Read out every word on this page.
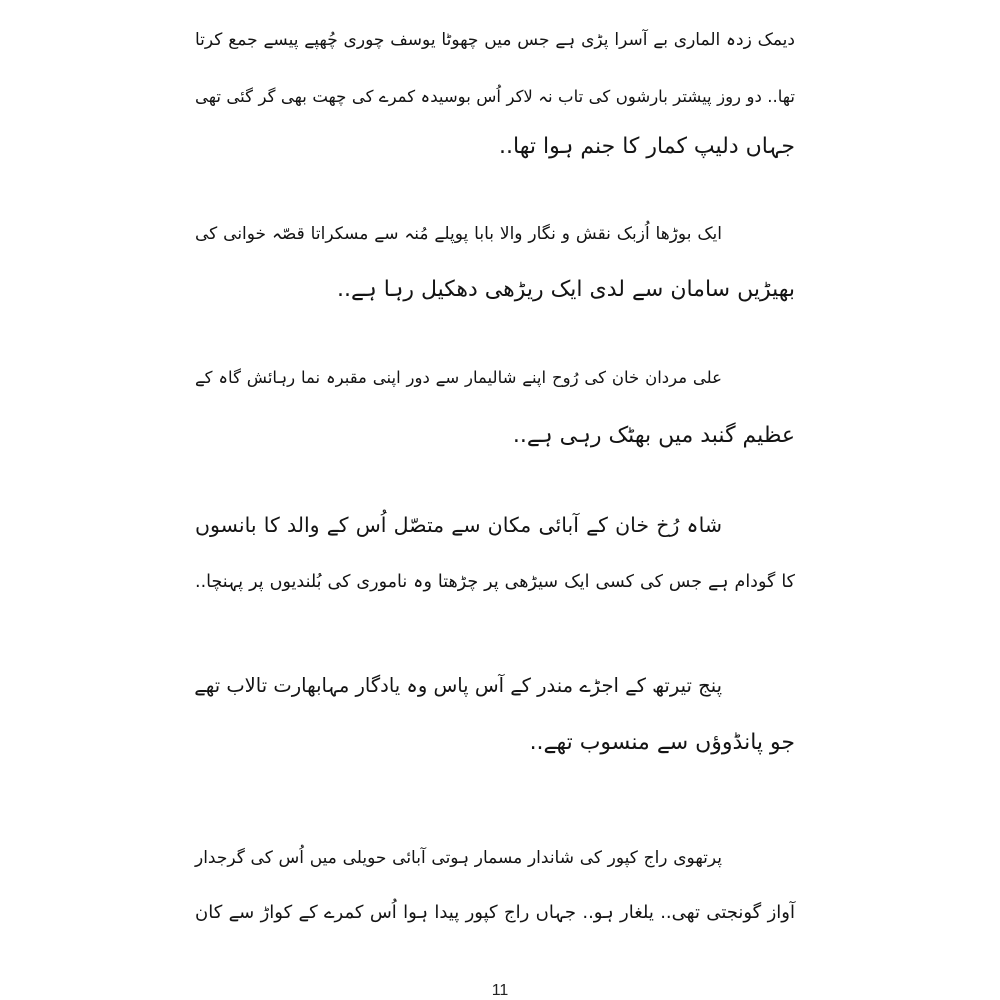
دیمک زدہ الماری بے آسرا پڑی ہے جس میں چھوٹا یوسف چوری چُھپے پیسے جمع کرتا
تھا.. دو روز پیشتر بارشوں کی تاب نہ لاکر اُس بوسیدہ کمرے کی چھت بھی گر گئی تھی
جہاں دلیپ کمار کا جنم ہوا تھا..
ایک بوڑھا اُزبک نقش و نگار والا بابا پوپلے مُنہ سے مسکراتا قصّہ خوانی کی
بھیڑیں سامان سے لدی ایک ریڑھی دھکیل رہا ہے..
علی مردان خان کی رُوح اپنے شالیمار سے دور اپنی مقبرہ نما رہائش گاہ کے
عظیم گنبد میں بھٹک رہی ہے..
شاہ رُخ خان کے آبائی مکان سے متصّل اُس کے والد کا بانسوں
کا گودام ہے جس کی کسی ایک سیڑھی پر چڑھتا وہ ناموری کی بُلندیوں پر پہنچا..
پنج تیرتھ کے اجڑے مندر کے آس پاس وہ یادگار مہابھارت تالاب تھے
جو پانڈوؤں سے منسوب تھے..
پرتھوی راج کپور کی شاندار مسمار ہوتی آبائی حویلی میں اُس کی گرجدار
آواز گونجتی تھی.. یلغار ہو.. جہاں راج کپور پیدا ہوا اُس کمرے کے کواڑ سے کان
11
